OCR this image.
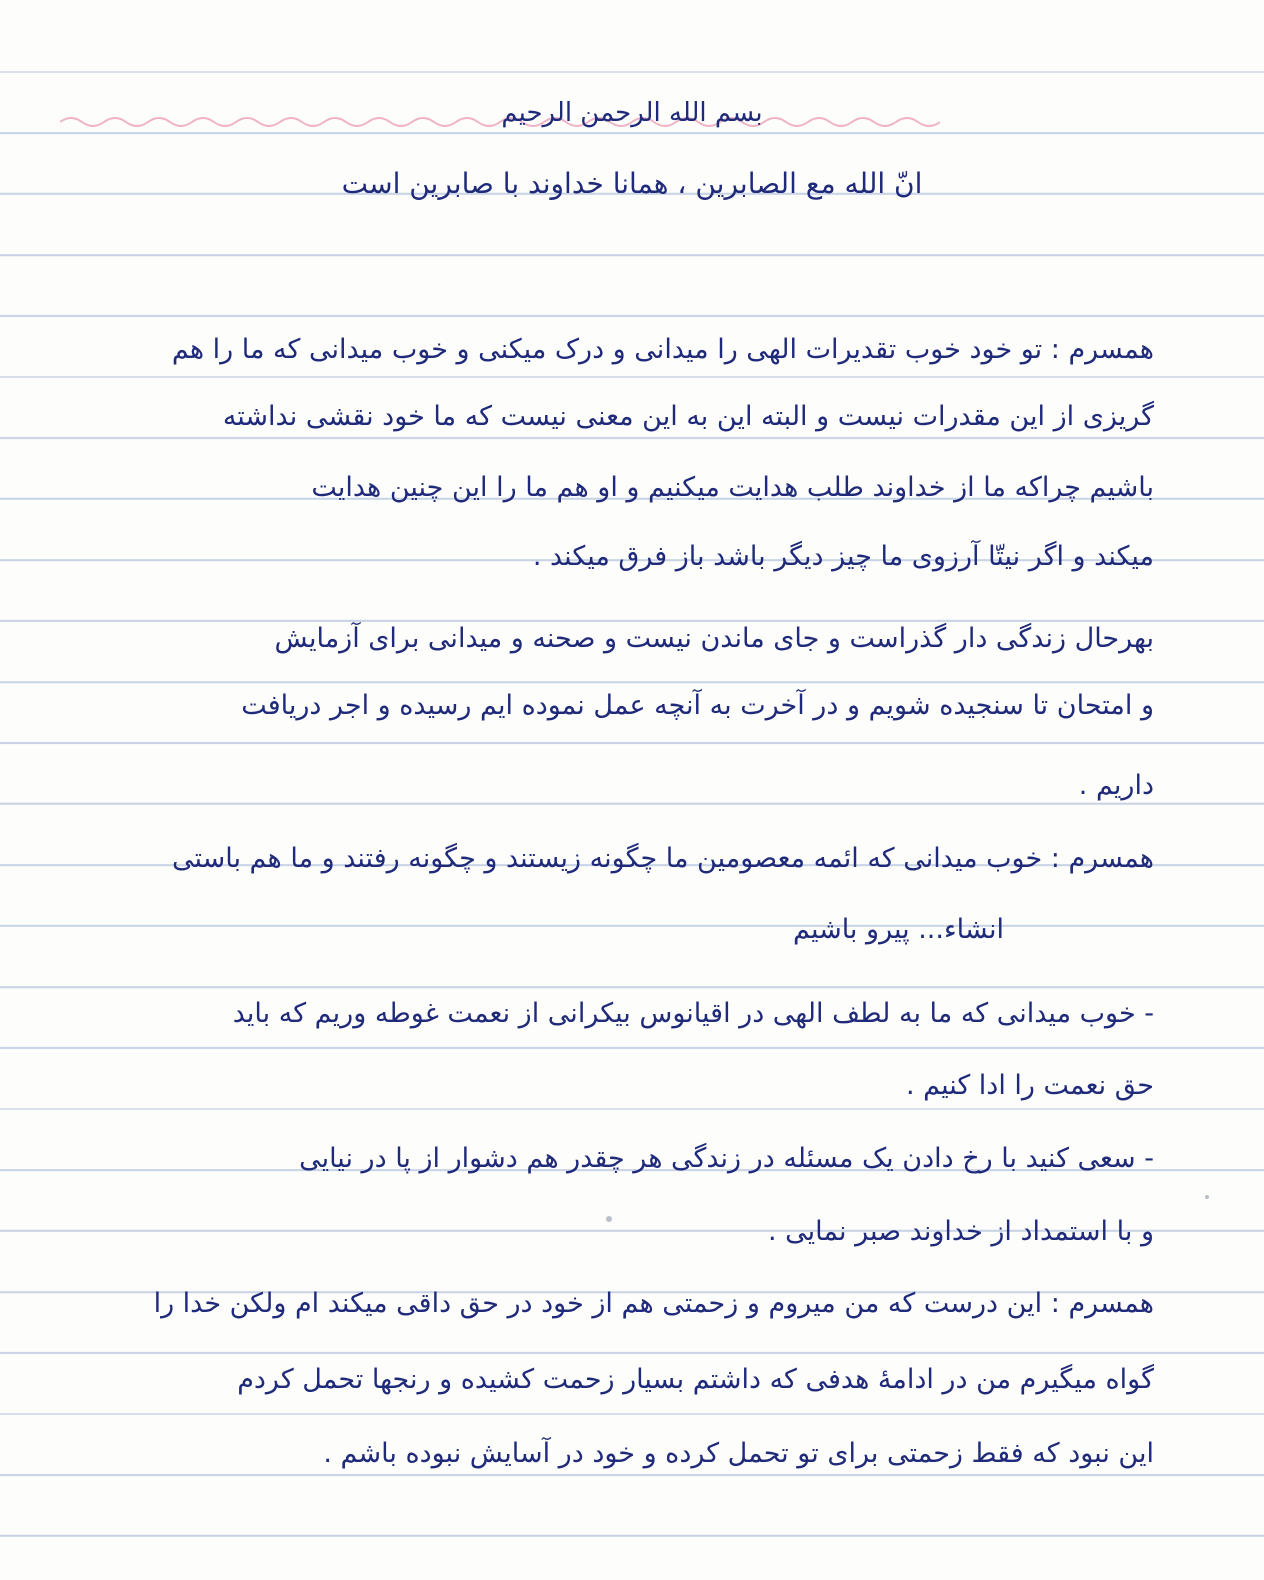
بسم الله الرحمن الرحیم
انّ الله مع الصابرین ، همانا خداوند با صابرین است
همسرم : تو خود خوب تقدیرات الهی را میدانی و درک میکنی و خوب میدانی که ما را هم
گریزی از این مقدرات نیست و البته این به این معنی نیست که ما خود نقشی نداشته
باشیم چراکه ما از خداوند طلب هدایت میکنیم و او هم ما را این چنین هدایت
میکند و اگر نیتّا آرزوی ما چیز دیگر باشد باز فرق میکند .
بهرحال زندگی دار گذراست و جای ماندن نیست و صحنه و میدانی برای آزمایش
و امتحان تا سنجیده شویم و در آخرت به آنچه عمل نموده ایم رسیده و اجر دریافت
داریم .
همسرم : خوب میدانی که ائمه معصومین ما چگونه زیستند و چگونه رفتند و ما هم باستی
انشاء... پیرو باشیم
- خوب میدانی که ما به لطف الهی در اقیانوس بیکرانی از نعمت غوطه وریم که باید
حق نعمت را ادا کنیم .
- سعی کنید با رخ دادن یک مسئله در زندگی هر چقدر هم دشوار از پا در نیایی
و با استمداد از خداوند صبر نمایی .
همسرم : این درست که من میروم و زحمتی هم از خود در حق داقی میکند ام ولکن خدا را
گواه میگیرم من در ادامهٔ هدفی که داشتم بسیار زحمت کشیده و رنجها تحمل کردم
این نبود که فقط زحمتی برای تو تحمل کرده و خود در آسایش نبوده باشم .
